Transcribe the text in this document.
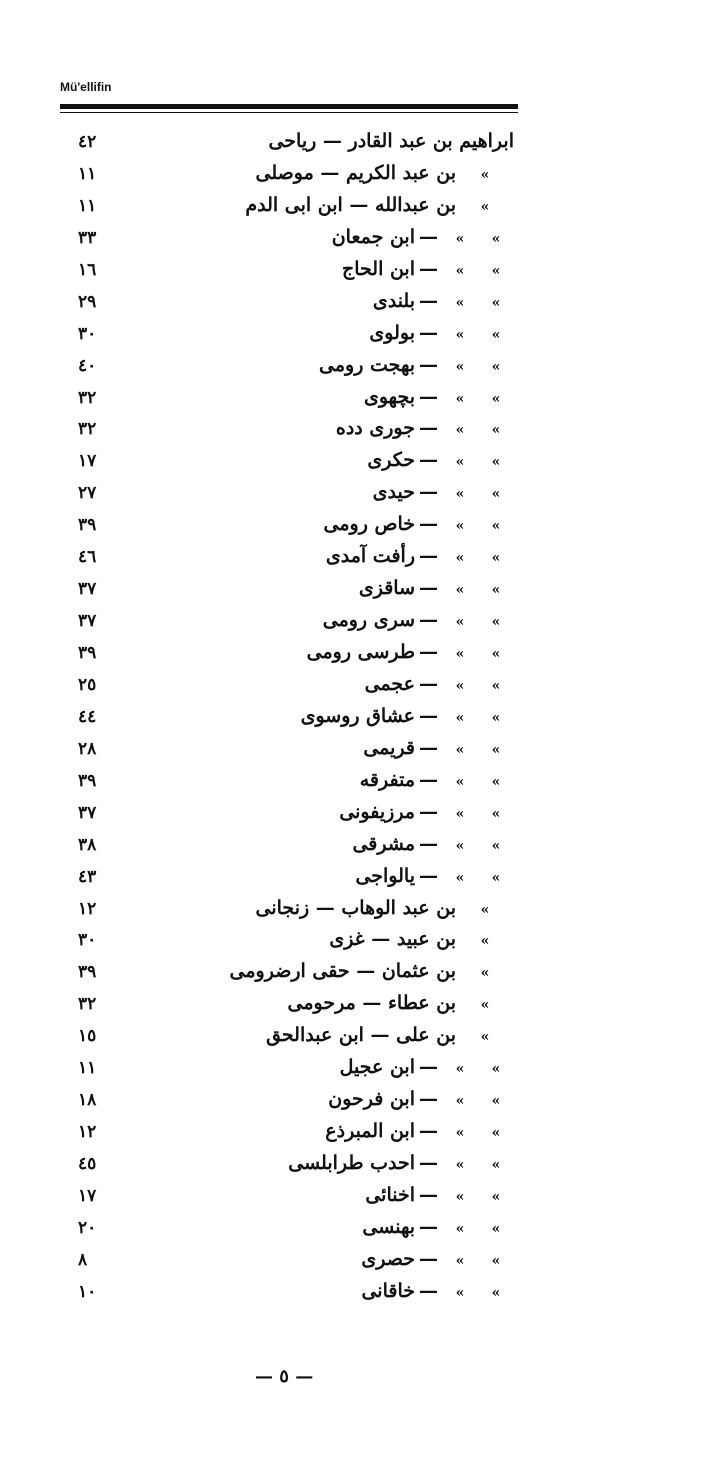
Mü'ellifin
ابراهيم بن عبد القادر — رياحى
٤٢
»بن عبد الكريم — موصلى
١١
»بن عبدالله — ابن ابى الدم
١١
»»—ابن جمعان
٣٣
»»—ابن الحاج
١٦
»»—بلندى
٢٩
»»—بولوى
٣٠
»»—بهجت رومى
٤٠
»»—بچهوى
٣٢
»»—جورى دده
٣٢
»»—حكرى
١٧
»»—حيدى
٢٧
»»—خاص رومى
٣٩
»»—رأفت آمدى
٤٦
»»—ساقزى
٣٧
»»—سرى رومى
٣٧
»»—طرسى رومى
٣٩
»»—عجمى
٢٥
»»—عشاق روسوى
٤٤
»»—قريمى
٢٨
»»—متفرقه
٣٩
»»—مرزيفونى
٣٧
»»—مشرقى
٣٨
»»—يالواجى
٤٣
»بن عبد الوهاب — زنجانى
١٢
»بن عبيد — غزى
٣٠
»بن عثمان — حقى ارضرومى
٣٩
»بن عطاء — مرحومى
٣٢
»بن على — ابن عبدالحق
١٥
»»—ابن عجيل
١١
»»—ابن فرحون
١٨
»»—ابن المبرذع
١٢
»»—احدب طرابلسى
٤٥
»»—اخنائى
١٧
»»—بهنسى
٢٠
»»—حصرى
٨
»»—خاقانى
١٠
— ٥ —
